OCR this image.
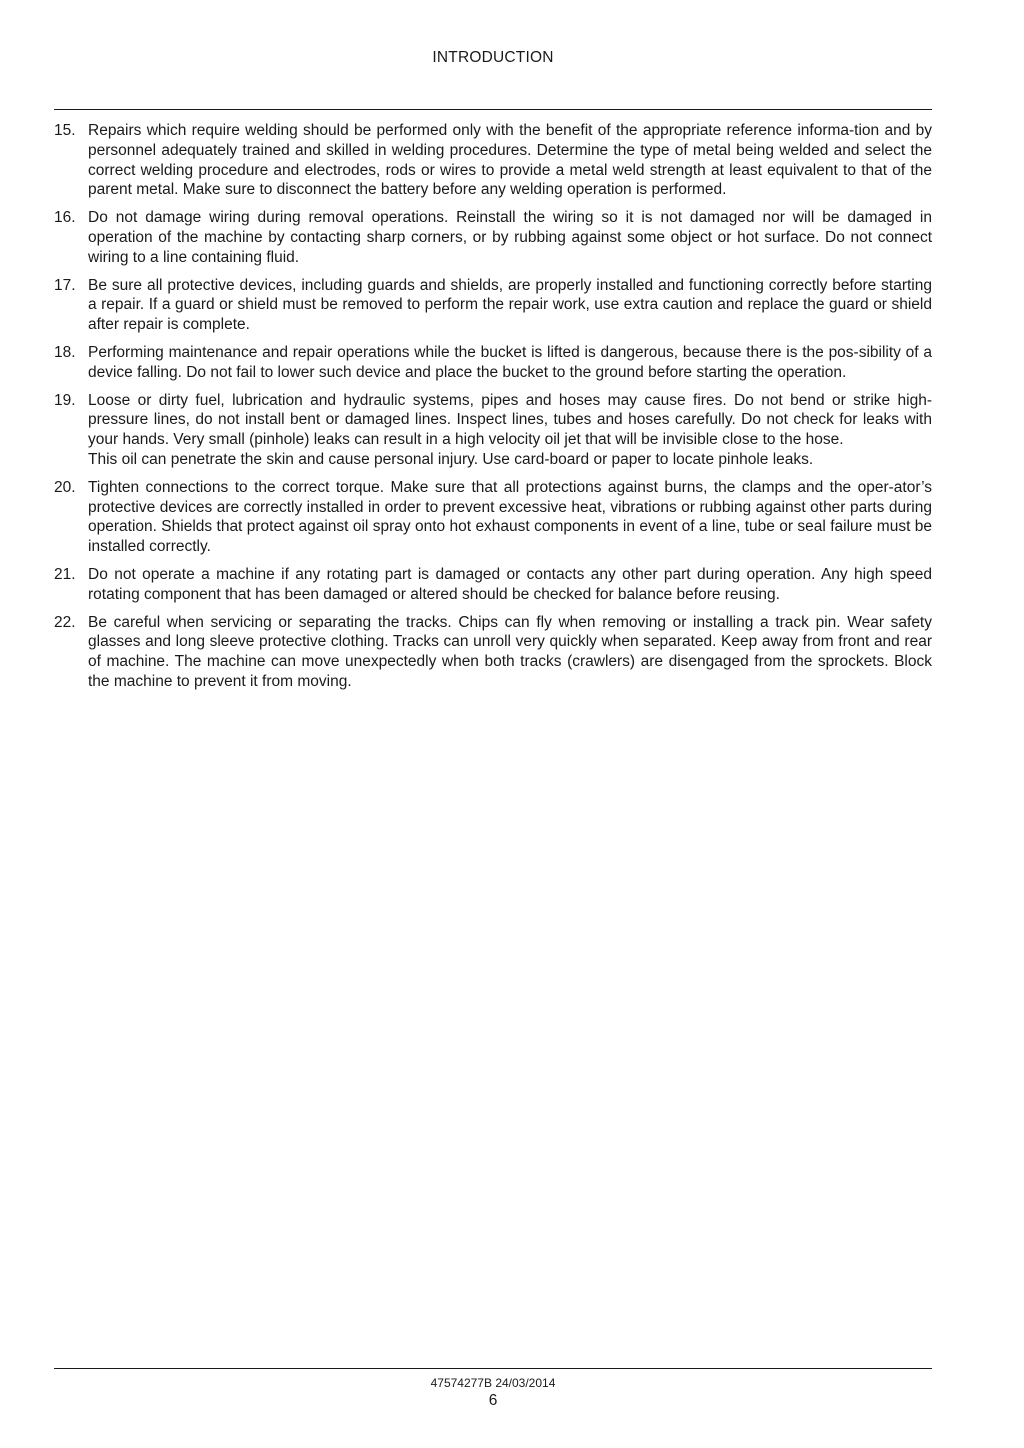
INTRODUCTION
15. Repairs which require welding should be performed only with the benefit of the appropriate reference informa-tion and by personnel adequately trained and skilled in welding procedures. Determine the type of metal being welded and select the correct welding procedure and electrodes, rods or wires to provide a metal weld strength at least equivalent to that of the parent metal. Make sure to disconnect the battery before any welding operation is performed.

16. Do not damage wiring during removal operations. Reinstall the wiring so it is not damaged nor will be damaged in operation of the machine by contacting sharp corners, or by rubbing against some object or hot surface. Do not connect wiring to a line containing fluid.

17. Be sure all protective devices, including guards and shields, are properly installed and functioning correctly before starting a repair. If a guard or shield must be removed to perform the repair work, use extra caution and replace the guard or shield after repair is complete.

18. Performing maintenance and repair operations while the bucket is lifted is dangerous, because there is the pos-sibility of a device falling. Do not fail to lower such device and place the bucket to the ground before starting the operation.

19. Loose or dirty fuel, lubrication and hydraulic systems, pipes and hoses may cause fires. Do not bend or strike high-pressure lines, do not install bent or damaged lines. Inspect lines, tubes and hoses carefully. Do not check for leaks with your hands. Very small (pinhole) leaks can result in a high velocity oil jet that will be invisible close to the hose.

This oil can penetrate the skin and cause personal injury. Use card-board or paper to locate pinhole leaks.

20. Tighten connections to the correct torque. Make sure that all protections against burns, the clamps and the oper-ator’s protective devices are correctly installed in order to prevent excessive heat, vibrations or rubbing against other parts during operation. Shields that protect against oil spray onto hot exhaust components in event of a line, tube or seal failure must be installed correctly.

21. Do not operate a machine if any rotating part is damaged or contacts any other part during operation. Any high speed rotating component that has been damaged or altered should be checked for balance before reusing.

22. Be careful when servicing or separating the tracks. Chips can fly when removing or installing a track pin. Wear safety glasses and long sleeve protective clothing. Tracks can unroll very quickly when separated. Keep away from front and rear of machine. The machine can move unexpectedly when both tracks (crawlers) are disengaged from the sprockets. Block the machine to prevent it from moving.

47574277B 24/03/2014
6
